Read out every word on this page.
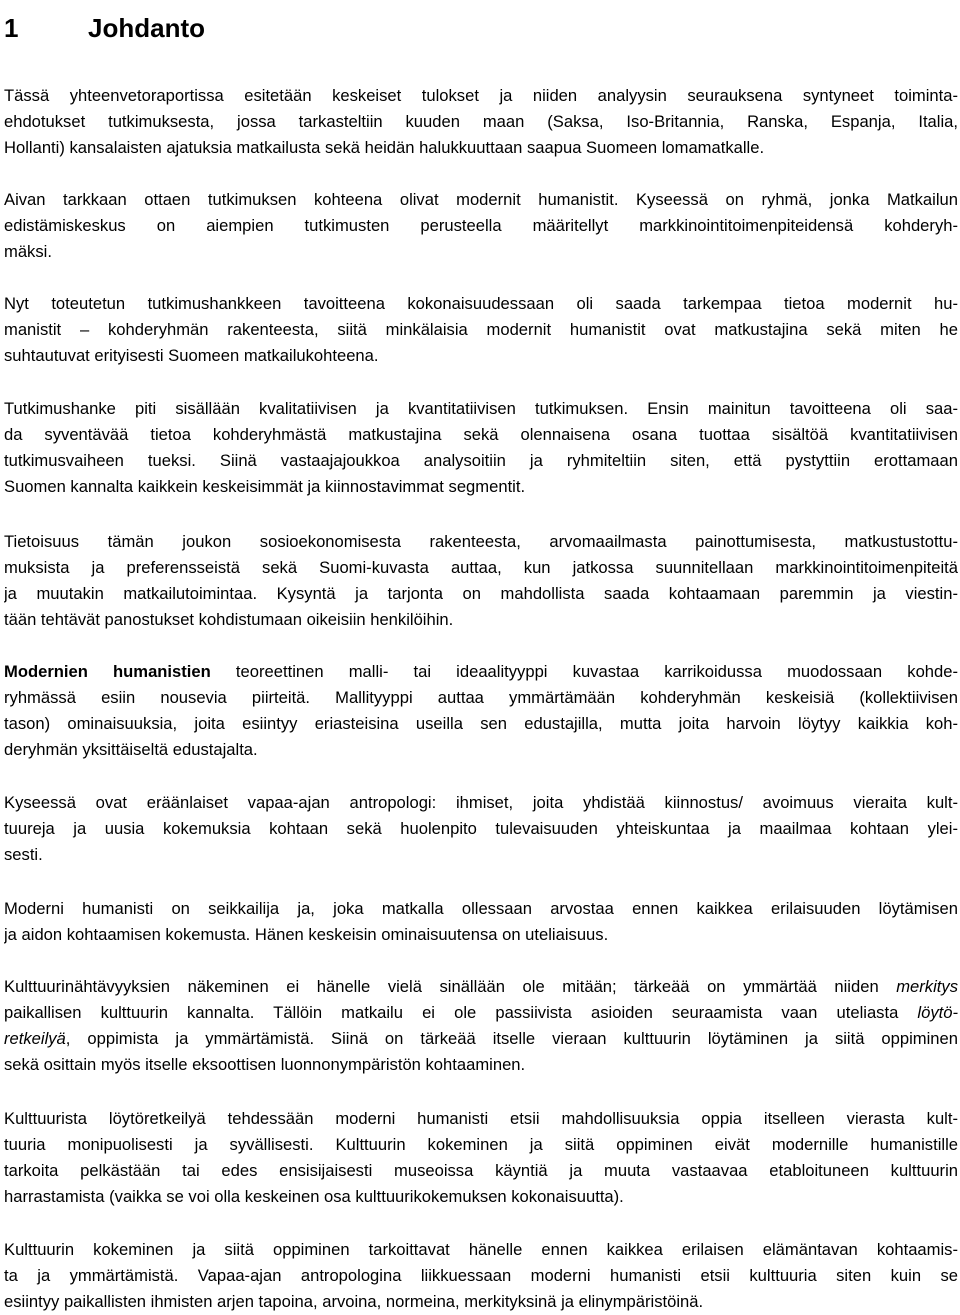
1	Johdanto

Tässä yhteenvetoraportissa esitetään keskeiset tulokset ja niiden analyysin seurauksena syntyneet toiminta-
ehdotukset tutkimuksesta, jossa tarkasteltiin kuuden maan (Saksa, Iso-Britannia, Ranska, Espanja, Italia,
Hollanti) kansalaisten ajatuksia matkailusta sekä heidän halukkuuttaan saapua Suomeen lomamatkalle.

Aivan tarkkaan ottaen tutkimuksen kohteena olivat modernit humanistit. Kyseessä on ryhmä, jonka Matkailun
edistämiskeskus on aiempien tutkimusten perusteella määritellyt markkinointitoimenpiteidensä kohderyh-
mäksi.

Nyt toteutetun tutkimushankkeen tavoitteena kokonaisuudessaan oli saada tarkempaa tietoa modernit hu-
manistit – kohderyhmän rakenteesta, siitä minkälaisia modernit humanistit ovat matkustajina sekä miten he
suhtautuvat erityisesti Suomeen matkailukohteena.

Tutkimushanke piti sisällään kvalitatiivisen ja kvantitatiivisen tutkimuksen. Ensin mainitun tavoitteena oli saa-
da syventävää tietoa kohderyhmästä matkustajina sekä olennaisena osana tuottaa sisältöä kvantitatiivisen
tutkimusvaiheen tueksi. Siinä vastaajajoukkoa analysoitiin ja ryhmiteltiin siten, että pystyttiin erottamaan
Suomen kannalta kaikkein keskeisimmät ja kiinnostavimmat segmentit.

Tietoisuus tämän joukon sosioekonomisesta rakenteesta, arvomaailmasta painottumisesta, matkustustottu-
muksista ja preferensseistä sekä Suomi-kuvasta auttaa, kun jatkossa suunnitellaan markkinointitoimenpiteitä
ja muutakin matkailutoimintaa. Kysyntä ja tarjonta on mahdollista saada kohtaamaan paremmin ja viestin-
tään tehtävät panostukset kohdistumaan oikeisiin henkilöihin.

Modernien humanistien teoreettinen malli- tai ideaalityyppi kuvastaa karrikoidussa muodossaan kohde-
ryhmässä esiin nousevia piirteitä. Mallityyppi auttaa ymmärtämään kohderyhmän keskeisiä (kollektiivisen
tason) ominaisuuksia, joita esiintyy eriasteisina useilla sen edustajilla, mutta joita harvoin löytyy kaikkia koh-
deryhmän yksittäiseltä edustajalta.

Kyseessä ovat eräänlaiset vapaa-ajan antropologi: ihmiset, joita yhdistää kiinnostus/ avoimuus vieraita kult-
tuureja ja uusia kokemuksia kohtaan sekä huolenpito tulevaisuuden yhteiskuntaa ja maailmaa kohtaan ylei-
sesti.

Moderni humanisti on seikkailija ja, joka matkalla ollessaan arvostaa ennen kaikkea erilaisuuden löytämisen
ja aidon kohtaamisen kokemusta. Hänen keskeisin ominaisuutensa on uteliaisuus.

Kulttuurinähtävyyksien näkeminen ei hänelle vielä sinällään ole mitään; tärkeää on ymmärtää niiden merkitys
paikallisen kulttuurin kannalta. Tällöin matkailu ei ole passiivista asioiden seuraamista vaan uteliasta löytö-
retkeilyä, oppimista ja ymmärtämistä. Siinä on tärkeää itselle vieraan kulttuurin löytäminen ja siitä oppiminen
sekä osittain myös itselle eksoottisen luonnonympäristön kohtaaminen.

Kulttuurista löytöretkeilyä tehdessään moderni humanisti etsii mahdollisuuksia oppia itselleen vierasta kult-
tuuria monipuolisesti ja syvällisesti. Kulttuurin kokeminen ja siitä oppiminen eivät modernille humanistille
tarkoita pelkästään tai edes ensisijaisesti museoissa käyntiä ja muuta vastaavaa etabloituneen kulttuurin
harrastamista (vaikka se voi olla keskeinen osa kulttuurikokemuksen kokonaisuutta).

Kulttuurin kokeminen ja siitä oppiminen tarkoittavat hänelle ennen kaikkea erilaisen elämäntavan kohtaamis-
ta ja ymmärtämistä. Vapaa-ajan antropologina liikkuessaan moderni humanisti etsii kulttuuria siten kuin se
esiintyy paikallisten ihmisten arjen tapoina, arvoina, normeina, merkityksinä ja elinympäristöinä.
